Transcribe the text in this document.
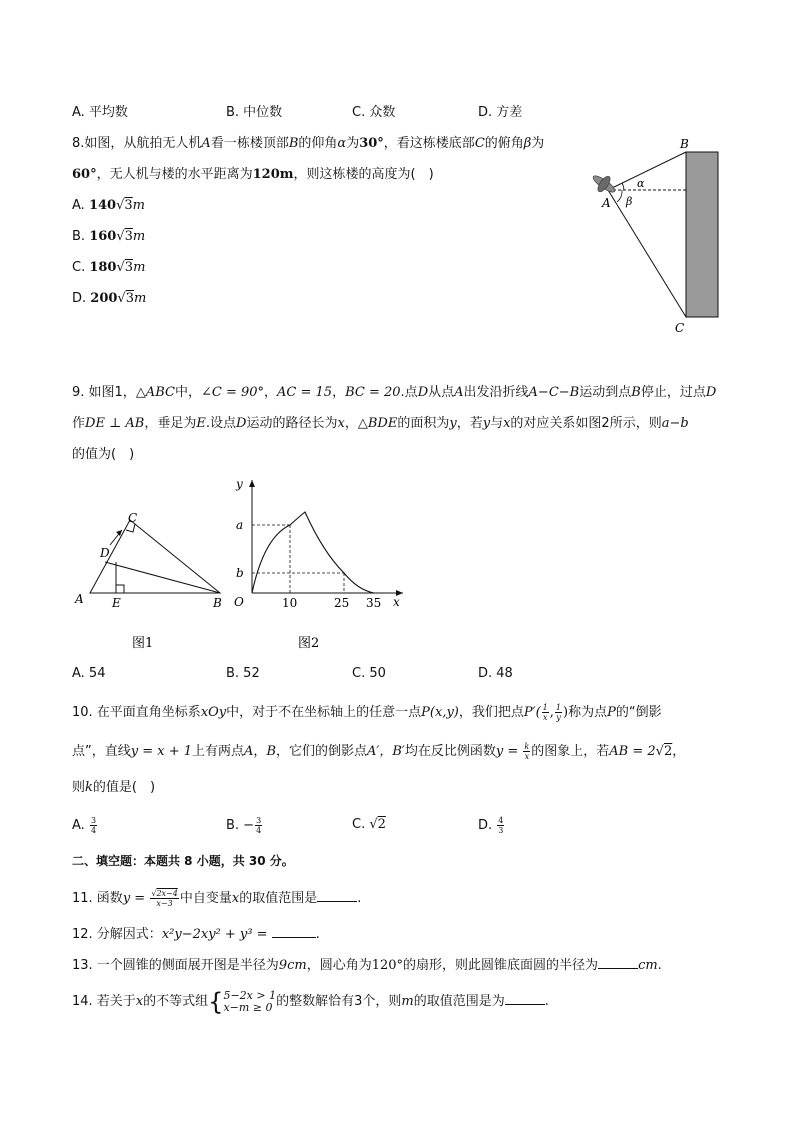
A. 平均数	B. 中位数	C. 众数	D. 方差
8.如图，从航拍无人机A看一栋楼顶部B的仰角α为30°，看这栋楼底部C的俯角β为
60°，无人机与楼的水平距离为120m，则这栋楼的高度为(　)
A. 140√3m
B. 160√3m
C. 180√3m
D. 200√3m
B
A
C
α
β
9. 如图1，△ABC中，∠C = 90°，AC = 15，BC = 20.点D从点A出发沿折线A−C−B运动到点B停止，过点D
作DE ⊥ AB，垂足为E.设点D运动的路径长为x，△BDE的面积为y，若y与x的对应关系如图2所示，则a−b
的值为(　)
A	B
C
D
E
图1
y
x
O
a
b
10	25 35
图2
A. 54	B. 52	C. 50	D. 48
10. 在平面直角坐标系xOy中，对于不在坐标轴上的任意一点P(x,y)，我们把点$P'( \frac{1}{x}$ , $\frac{1}{y}$ )称为点P的“倒影
点”，直线y = x + 1上有两点A，B，它们的倒影点A′，B′均在反比例函数$y = \frac{k}{x}$ 的图象上，若AB = 2√2，
则k的值是(　)
A. $\frac{3}{4}$	B. − $\frac{3}{4}$	C. √2	D. $\frac{4}{3}$
二、填空题：本题共 8 小题，共 30 分。
11. 函数$y = \frac{√2x-4}{x-3}$ 中自变量x的取值范围是	.
12. 分解因式：x²y−2xy² + y³ =	.
13. 一个圆锥的侧面展开图是半径为9cm，圆心角为120°的扇形，则此圆锥底面圆的半径为	cm.
14. 若关于x的不等式组{ 5−2x > 1
x−m ≥ 0 的整数解恰有3个，则m的取值范围是为	.
